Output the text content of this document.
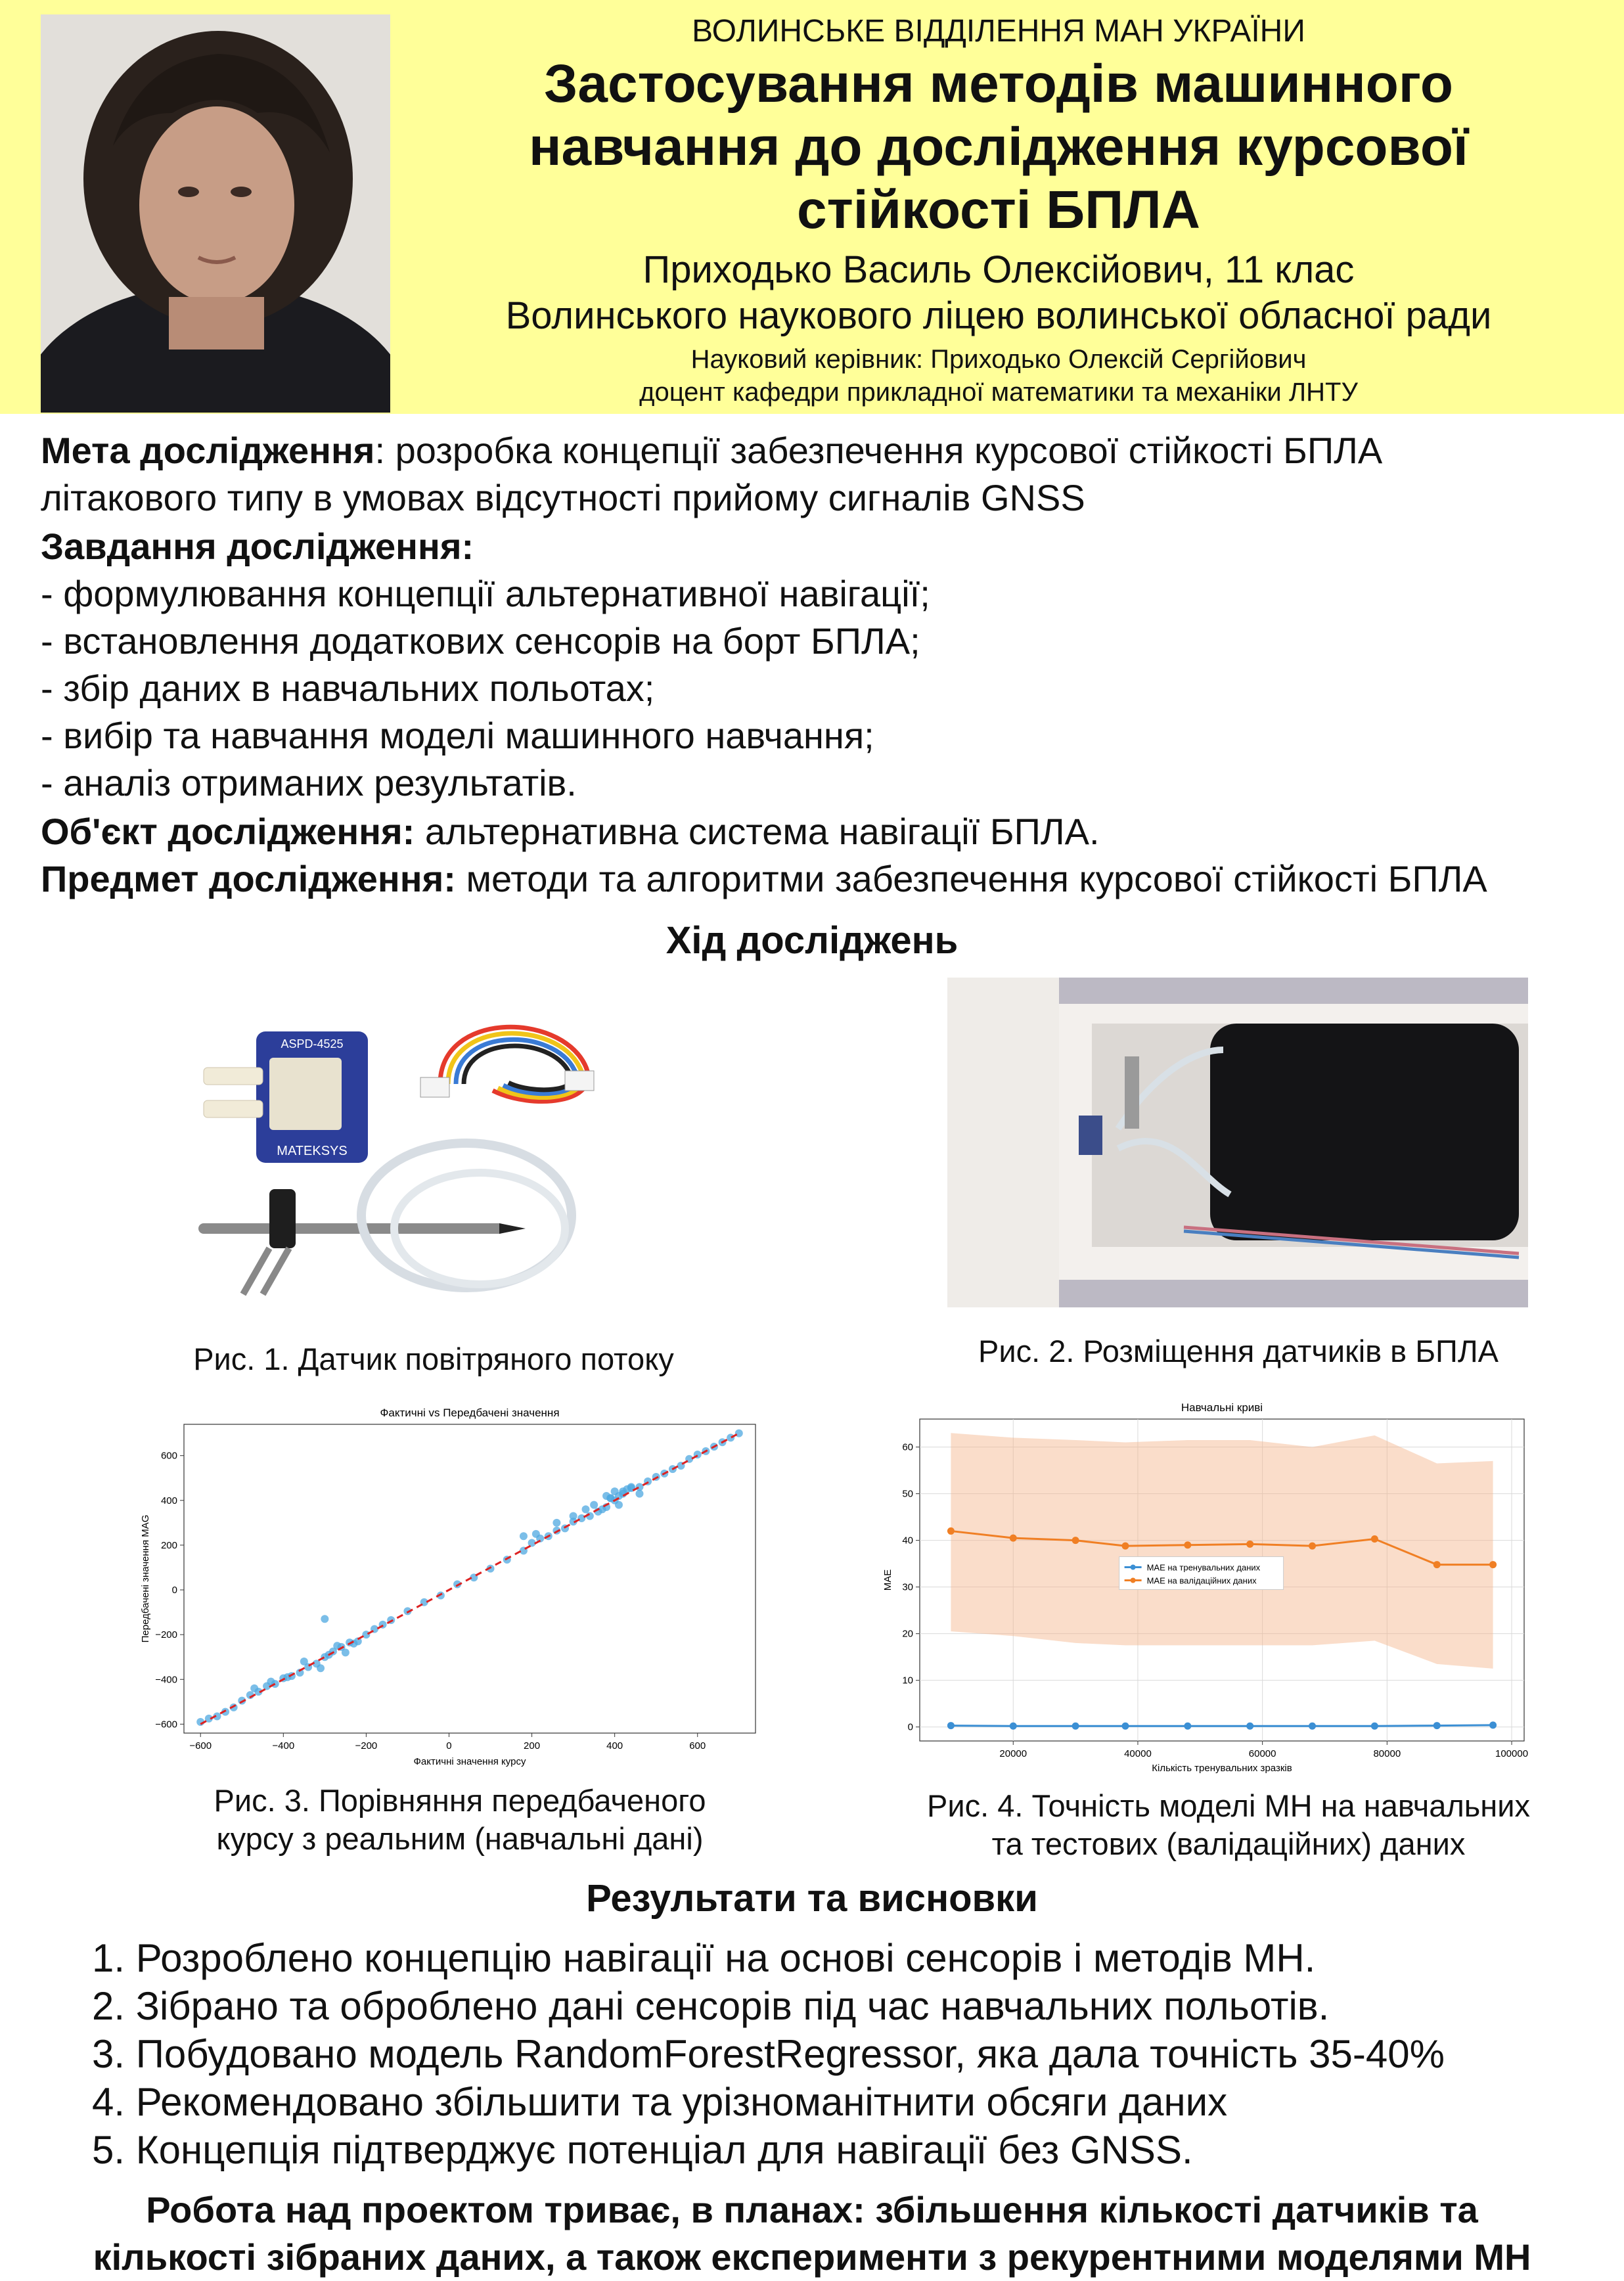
ВОЛИНСЬКЕ ВІДДІЛЕННЯ МАН УКРАЇНИ
Застосування методів машинного
навчання до дослідження курсової
стійкості БПЛА
Приходько Василь Олексійович, 11 клас
Волинського наукового ліцею волинської обласної ради
Науковий керівник: Приходько Олексій Сергійович
доцент кафедри прикладної математики та механіки ЛНТУ
Мета дослідження: розробка концепції забезпечення курсової стійкості БПЛА
літакового типу в умовах відсутності прийому сигналів GNSS
Завдання дослідження:
- формулювання концепції альтернативної навігації;
- встановлення додаткових сенсорів на борт БПЛА;
- збір даних в навчальних польотах;
- вибір та навчання моделі машинного навчання;
- аналіз отриманих результатів.
Об'єкт дослідження: альтернативна система навігації БПЛА.
Предмет дослідження: методи та алгоритми забезпечення курсової стійкості БПЛА
Хід досліджень
MATEKSYS
ASPD-4525
Рис. 1. Датчик повітряного потоку	Рис. 2. Розміщення датчиків в БПЛА
Фактичні vs Передбачені значення
Фактичні значення курсу
Передбачені значення MAG
−600	−400	−200	0	200	400	600
−600
−400
−200
0
200
400
600
Рис. 3. Порівняння передбаченого
курсу з реальним (навчальні дані)
Навчальні криві
Кількість тренувальних зразків
MAE
20000	40000	60000	80000	100000
0
10
20
30
40
50
60
MAE на тренувальних даних
MAE на валідаційних даних
Рис. 4. Точність моделі МН на навчальних
та тестових (валідаційних) даних
Результати та висновки
1. Розроблено концепцію навігації на основі сенсорів і методів МН.
2. Зібрано та оброблено дані сенсорів під час навчальних польотів.
3. Побудовано модель RandomForestRegressor, яка дала точність 35-40%
4. Рекомендовано збільшити та урізноманітнити обсяги даних
5. Концепція підтверджує потенціал для навігації без GNSS.
Робота над проектом триває, в планах: збільшення кількості датчиків та
кількості зібраних даних, а також експерименти з рекурентними моделями МН
